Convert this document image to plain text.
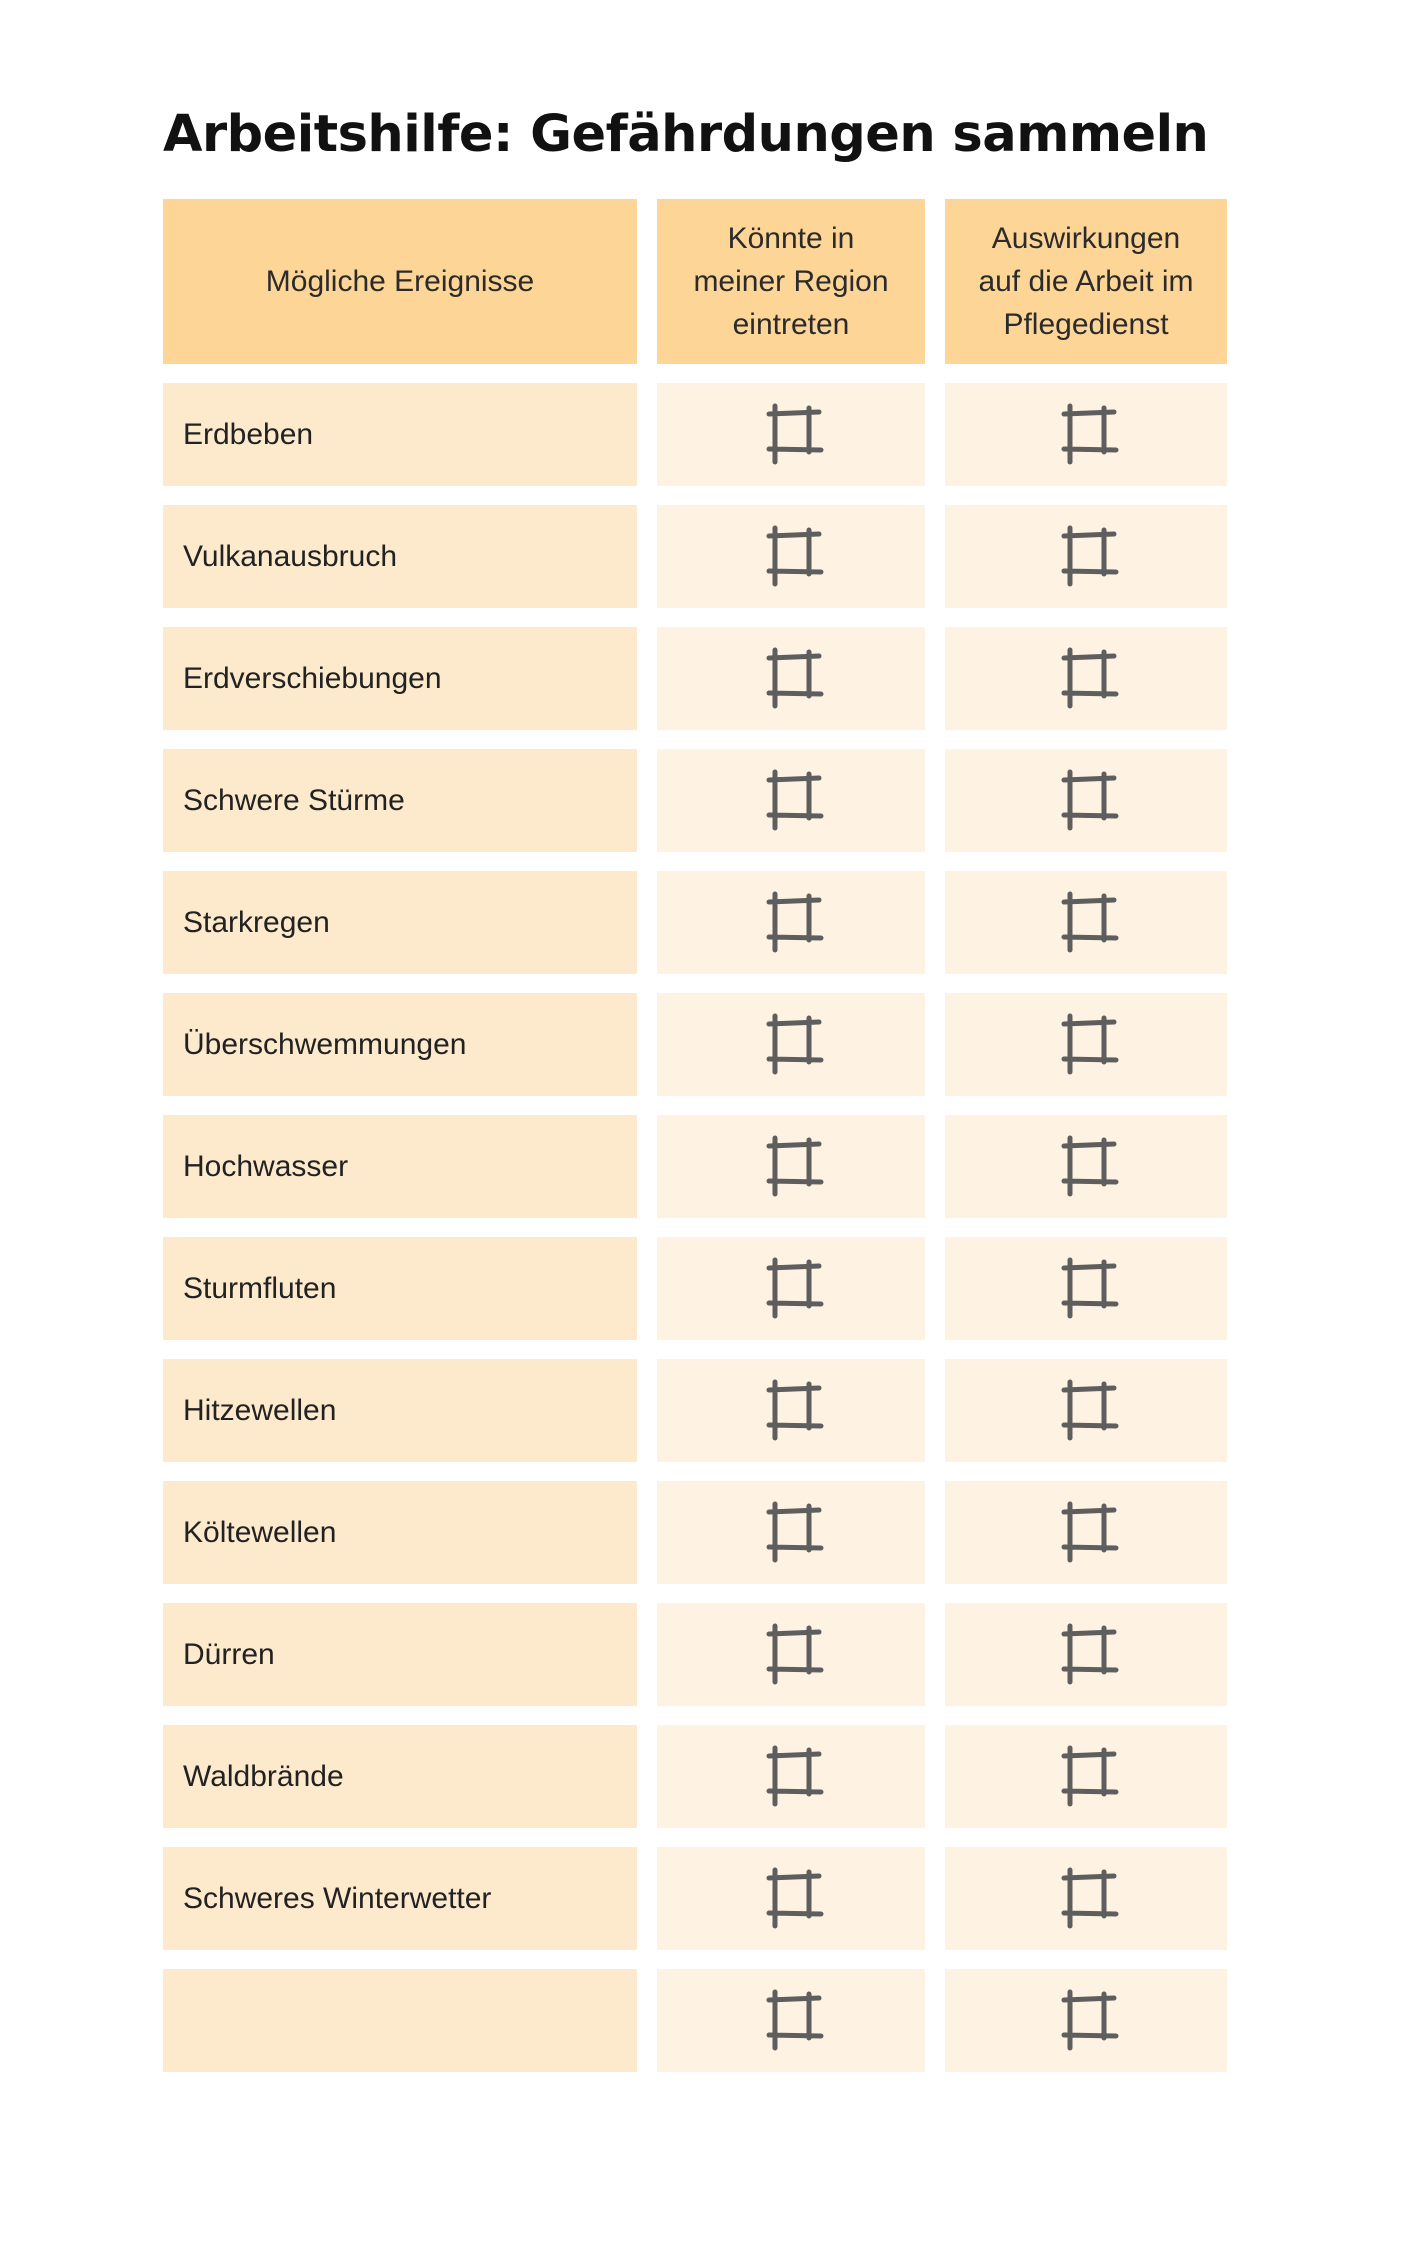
Arbeitshilfe: Gefährdungen sammeln
Mögliche Ereignisse
Könnte in
meiner Region
eintreten
Auswirkungen
auf die Arbeit im
Pflegedienst
Erdbeben
Vulkanausbruch
Erdverschiebungen
Schwere Stürme
Starkregen
Überschwemmungen
Hochwasser
Sturmfluten
Hitzewellen
Költewellen
Dürren
Waldbrände
Schweres Winterwetter
